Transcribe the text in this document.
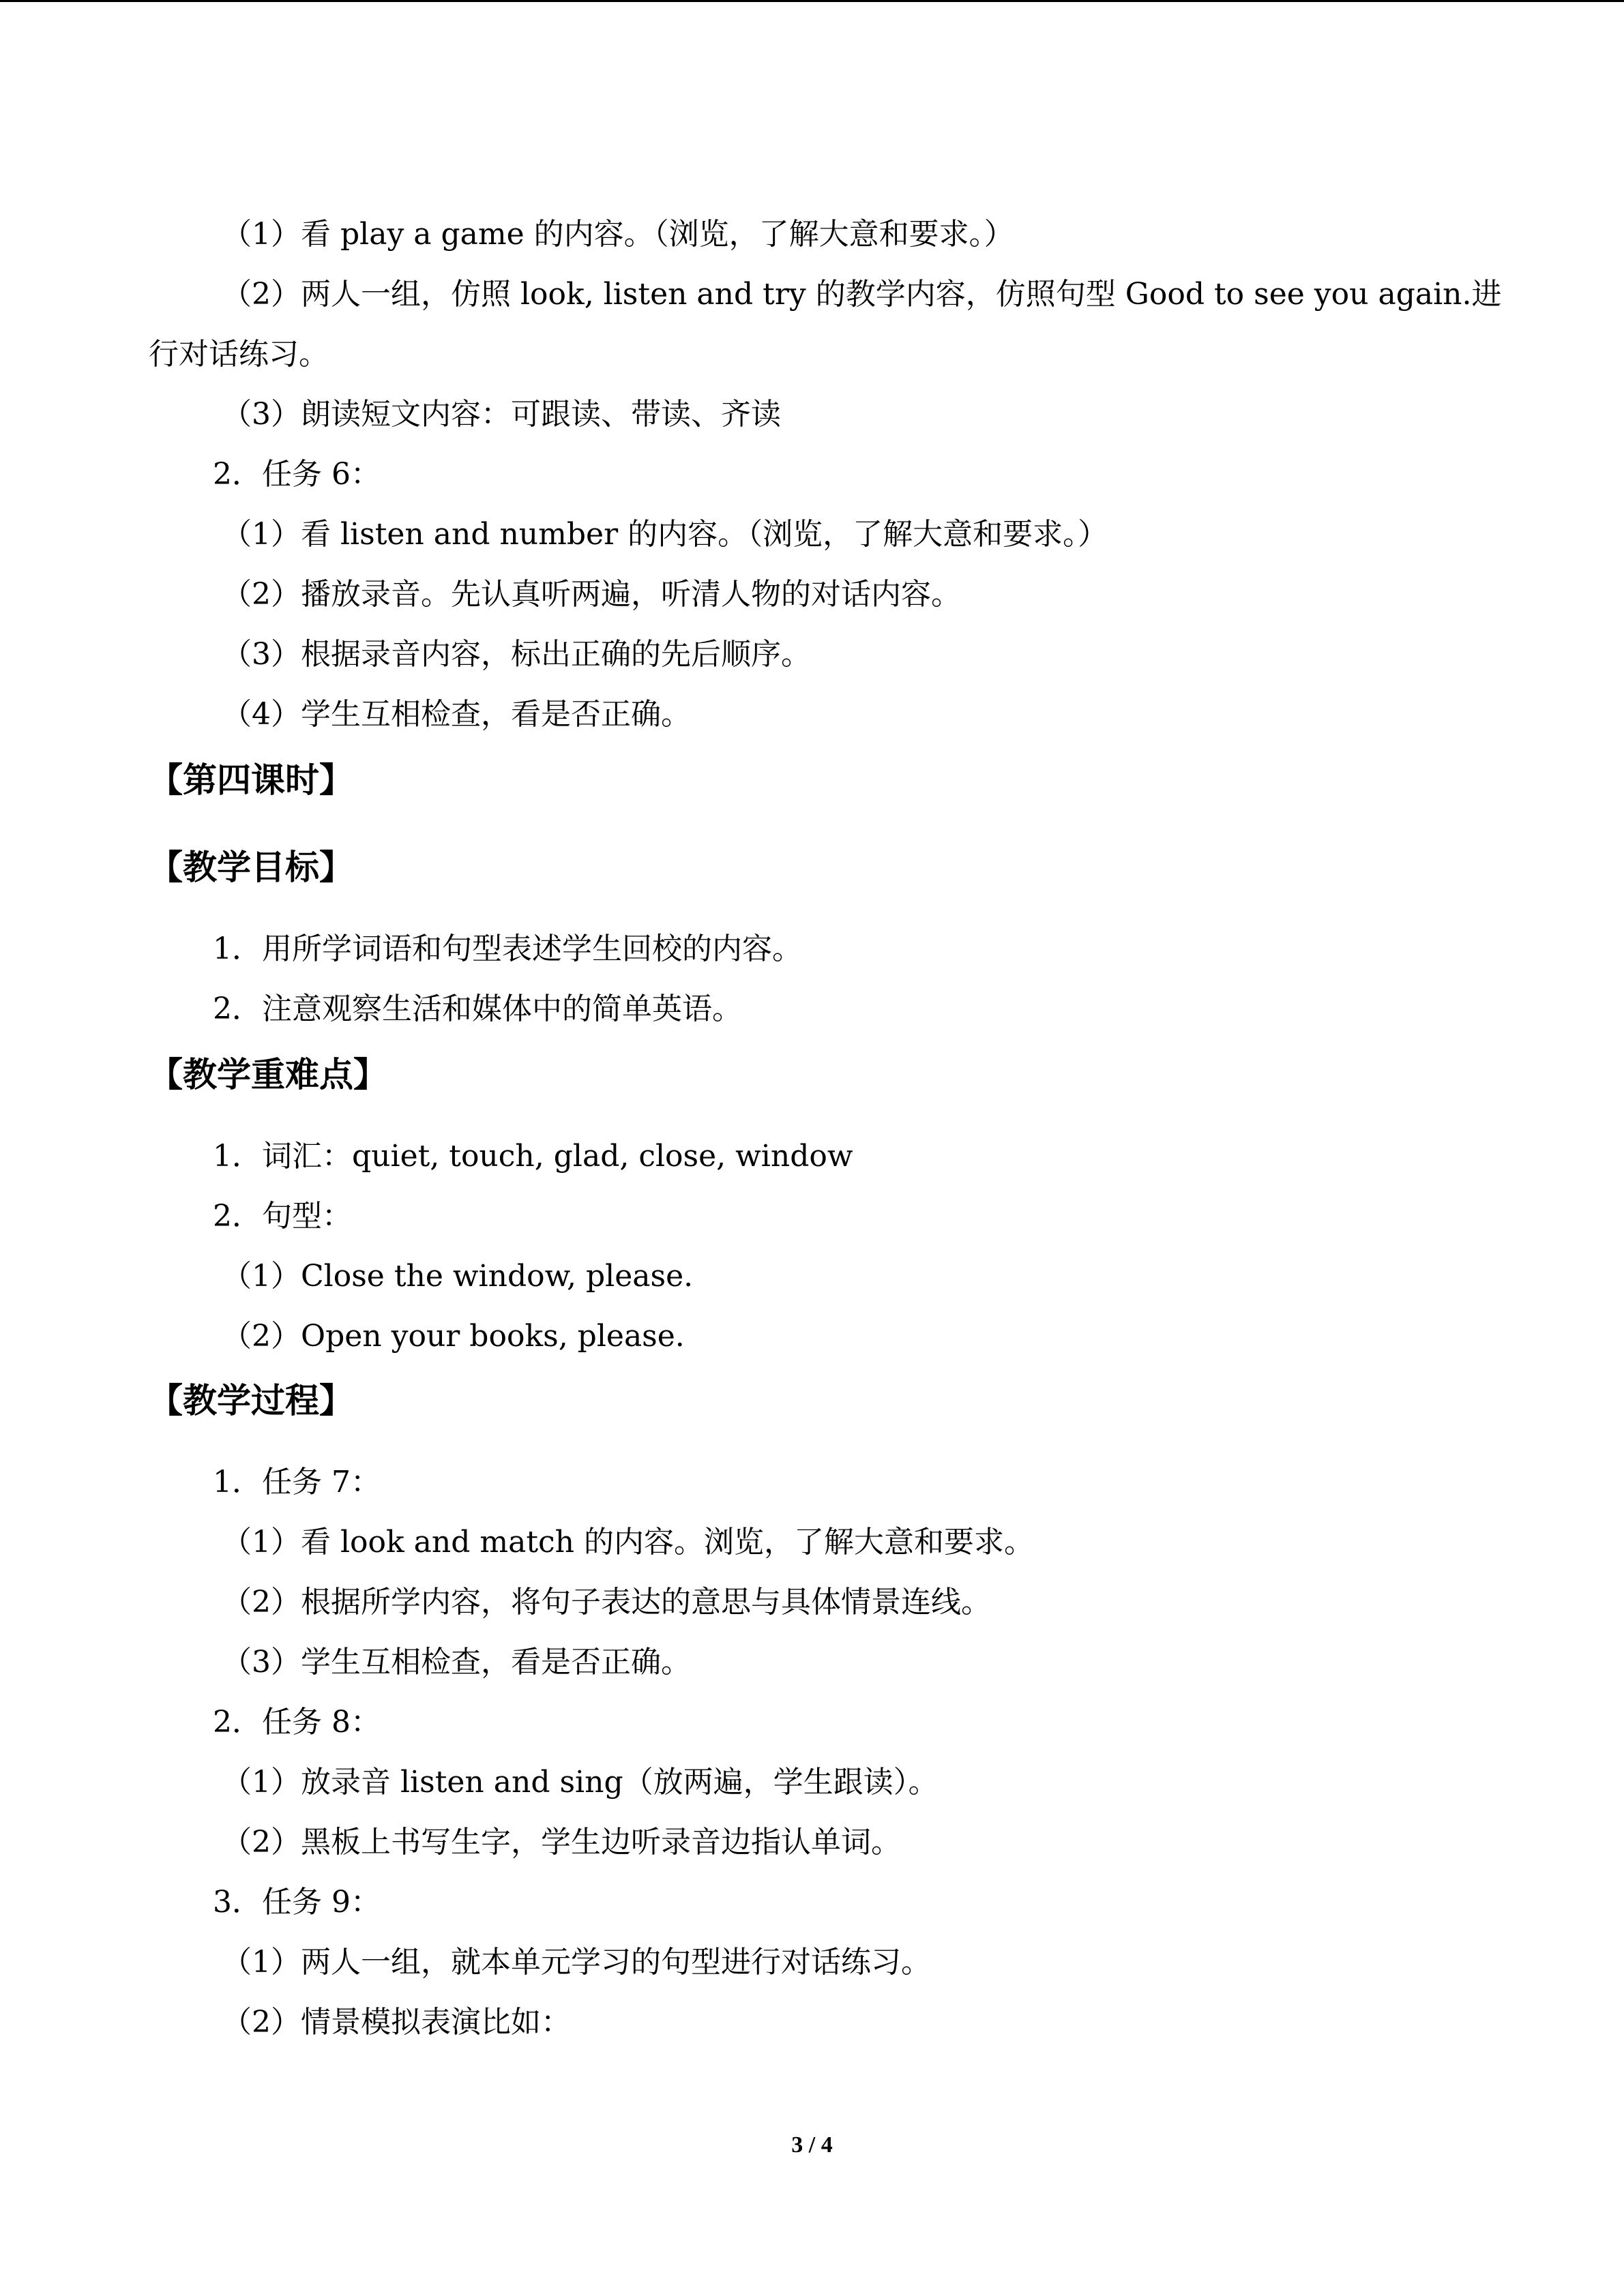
（1）看 play a game 的内容。（浏览，了解大意和要求。）
（2）两人一组，仿照 look, listen and try 的教学内容，仿照句型 Good to see you again.进
行对话练习。
（3）朗读短文内容：可跟读、带读、齐读
2．任务 6：
（1）看 listen and number 的内容。（浏览，了解大意和要求。）
（2）播放录音。先认真听两遍，听清人物的对话内容。
（3）根据录音内容，标出正确的先后顺序。
（4）学生互相检查，看是否正确。
【第四课时】
【教学目标】
1．用所学词语和句型表述学生回校的内容。
2．注意观察生活和媒体中的简单英语。
【教学重难点】
1．词汇：quiet, touch, glad, close, window
2．句型：
（1）Close the window, please.
（2）Open your books, please.
【教学过程】
1．任务 7：
（1）看 look and match 的内容。浏览，了解大意和要求。
（2）根据所学内容，将句子表达的意思与具体情景连线。
（3）学生互相检查，看是否正确。
2．任务 8：
（1）放录音 listen and sing（放两遍，学生跟读）。
（2）黑板上书写生字，学生边听录音边指认单词。
3．任务 9：
（1）两人一组，就本单元学习的句型进行对话练习。
（2）情景模拟表演比如：
3 / 4
